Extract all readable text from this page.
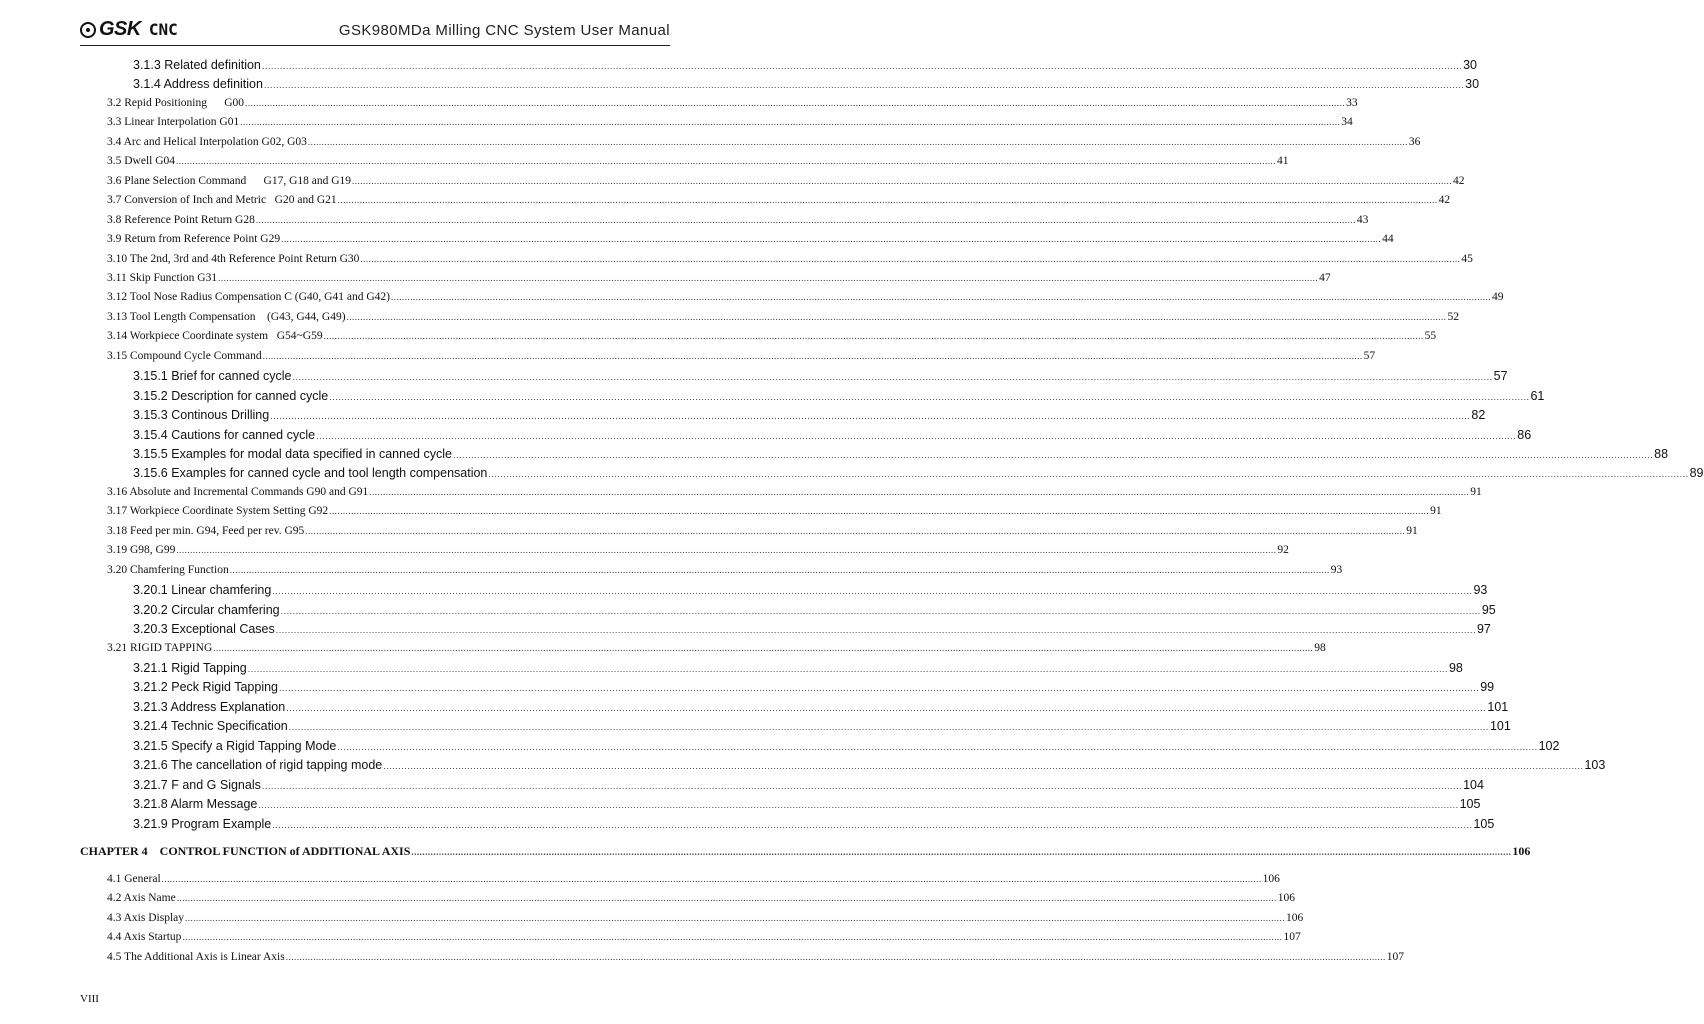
GSK CNC	GSK980MDa Milling CNC System User Manual
3.1.3 Related definition ................................................................................................................................................................................................................................................................................................................................................................................................................ 30
3.1.4 Address definition ................................................................................................................................................................................................................................................................................................................................................................................................................ 30
3.2 Repid Positioning      G00 ................................................................................................................................................................................................................................................................................................................................................................................................................ 33
3.3 Linear Interpolation G01 ................................................................................................................................................................................................................................................................................................................................................................................................................ 34
3.4 Arc and Helical Interpolation G02, G03 ................................................................................................................................................................................................................................................................................................................................................................................................................ 36
3.5 Dwell G04 ................................................................................................................................................................................................................................................................................................................................................................................................................ 41
3.6 Plane Selection Command      G17, G18 and G19 ................................................................................................................................................................................................................................................................................................................................................................................................................ 42
3.7 Conversion of Inch and Metric   G20 and G21 ................................................................................................................................................................................................................................................................................................................................................................................................................ 42
3.8 Reference Point Return G28 ................................................................................................................................................................................................................................................................................................................................................................................................................ 43
3.9 Return from Reference Point G29 ................................................................................................................................................................................................................................................................................................................................................................................................................ 44
3.10 The 2nd, 3rd and 4th Reference Point Return G30 ................................................................................................................................................................................................................................................................................................................................................................................................................ 45
3.11 Skip Function G31 ................................................................................................................................................................................................................................................................................................................................................................................................................ 47
3.12 Tool Nose Radius Compensation C (G40, G41 and G42) ................................................................................................................................................................................................................................................................................................................................................................................................................ 49
3.13 Tool Length Compensation    (G43, G44, G49) ................................................................................................................................................................................................................................................................................................................................................................................................................ 52
3.14 Workpiece Coordinate system   G54~G59 ................................................................................................................................................................................................................................................................................................................................................................................................................ 55
3.15 Compound Cycle Command ................................................................................................................................................................................................................................................................................................................................................................................................................ 57
3.15.1 Brief for canned cycle ................................................................................................................................................................................................................................................................................................................................................................................................................ 57
3.15.2 Description for canned cycle ................................................................................................................................................................................................................................................................................................................................................................................................................ 61
3.15.3 Continous Drilling ................................................................................................................................................................................................................................................................................................................................................................................................................ 82
3.15.4 Cautions for canned cycle ................................................................................................................................................................................................................................................................................................................................................................................................................ 86
3.15.5 Examples for modal data specified in canned cycle ................................................................................................................................................................................................................................................................................................................................................................................................................ 88
3.15.6 Examples for canned cycle and tool length compensation ................................................................................................................................................................................................................................................................................................................................................................................................................ 89
3.16 Absolute and Incremental Commands G90 and G91 ................................................................................................................................................................................................................................................................................................................................................................................................................ 91
3.17 Workpiece Coordinate System Setting G92 ................................................................................................................................................................................................................................................................................................................................................................................................................ 91
3.18 Feed per min. G94, Feed per rev. G95 ................................................................................................................................................................................................................................................................................................................................................................................................................ 91
3.19 G98, G99 ................................................................................................................................................................................................................................................................................................................................................................................................................ 92
3.20 Chamfering Function ................................................................................................................................................................................................................................................................................................................................................................................................................ 93
3.20.1 Linear chamfering ................................................................................................................................................................................................................................................................................................................................................................................................................ 93
3.20.2 Circular chamfering ................................................................................................................................................................................................................................................................................................................................................................................................................ 95
3.20.3 Exceptional Cases ................................................................................................................................................................................................................................................................................................................................................................................................................ 97
3.21 RIGID TAPPING ................................................................................................................................................................................................................................................................................................................................................................................................................ 98
3.21.1 Rigid Tapping ................................................................................................................................................................................................................................................................................................................................................................................................................ 98
3.21.2 Peck Rigid Tapping ................................................................................................................................................................................................................................................................................................................................................................................................................ 99
3.21.3 Address Explanation ................................................................................................................................................................................................................................................................................................................................................................................................................ 101
3.21.4 Technic Specification ................................................................................................................................................................................................................................................................................................................................................................................................................ 101
3.21.5 Specify a Rigid Tapping Mode ................................................................................................................................................................................................................................................................................................................................................................................................................ 102
3.21.6 The cancellation of rigid tapping mode ................................................................................................................................................................................................................................................................................................................................................................................................................ 103
3.21.7 F and G Signals ................................................................................................................................................................................................................................................................................................................................................................................................................ 104
3.21.8 Alarm Message ................................................................................................................................................................................................................................................................................................................................................................................................................ 105
3.21.9 Program Example ................................................................................................................................................................................................................................................................................................................................................................................................................ 105
CHAPTER 4    CONTROL FUNCTION of ADDITIONAL AXIS ................................................................................................................................................................................................................................................................................................................................................................................................................ 106
4.1 General ................................................................................................................................................................................................................................................................................................................................................................................................................ 106
4.2 Axis Name ................................................................................................................................................................................................................................................................................................................................................................................................................ 106
4.3 Axis Display ................................................................................................................................................................................................................................................................................................................................................................................................................ 106
4.4 Axis Startup ................................................................................................................................................................................................................................................................................................................................................................................................................ 107
4.5 The Additional Axis is Linear Axis ................................................................................................................................................................................................................................................................................................................................................................................................................ 107
VIII
